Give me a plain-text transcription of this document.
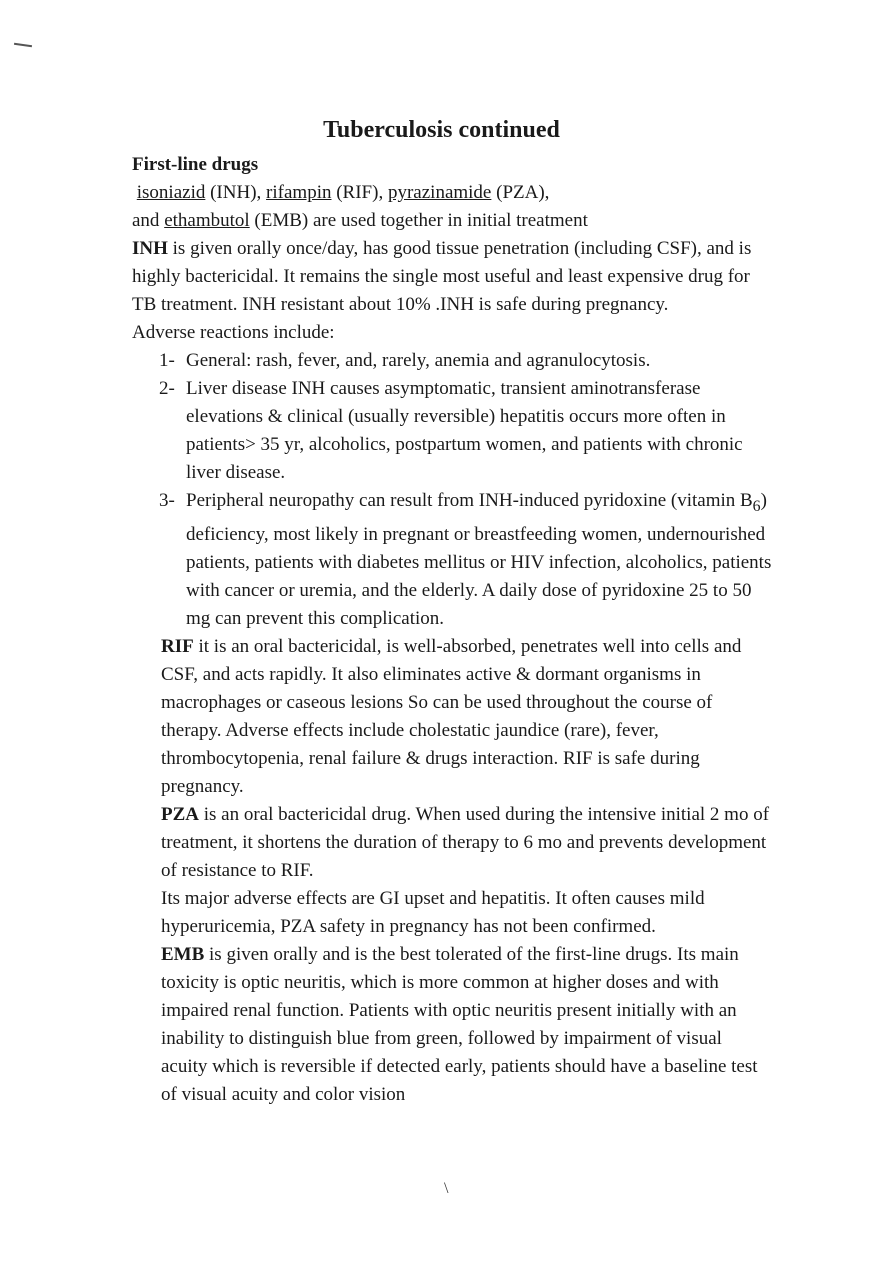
Tuberculosis continued

First-line drugs

isoniazid (INH), rifampin (RIF), pyrazinamide (PZA),

and ethambutol (EMB) are used together in initial treatment

INH is given orally once/day, has good tissue penetration (including CSF), and is highly bactericidal. It remains the single most useful and least expensive drug for TB treatment. INH resistant about 10% .INH is safe during pregnancy.

Adverse reactions include:

1- General: rash, fever, and, rarely, anemia and agranulocytosis.
2- Liver disease INH causes asymptomatic, transient aminotransferase elevations & clinical (usually reversible) hepatitis occurs more often in patients> 35 yr, alcoholics, postpartum women, and patients with chronic liver disease.
3- Peripheral neuropathy can result from INH-induced pyridoxine (vitamin $B_6$) deficiency, most likely in pregnant or breastfeeding women, undernourished patients, patients with diabetes mellitus or HIV infection, alcoholics, patients with cancer or uremia, and the elderly. A daily dose of pyridoxine 25 to 50 mg can prevent this complication.

RIF it is an oral bactericidal, is well-absorbed, penetrates well into cells and CSF, and acts rapidly. It also eliminates active & dormant organisms in macrophages or caseous lesions So can be used throughout the course of therapy. Adverse effects include cholestatic jaundice (rare), fever, thrombocytopenia, renal failure & drugs interaction. RIF is safe during pregnancy.

PZA is an oral bactericidal drug. When used during the intensive initial 2 mo of treatment, it shortens the duration of therapy to 6 mo and prevents development of resistance to RIF.

Its major adverse effects are GI upset and hepatitis. It often causes mild hyperuricemia, PZA safety in pregnancy has not been confirmed.

EMB is given orally and is the best tolerated of the first-line drugs. Its main toxicity is optic neuritis, which is more common at higher doses and with impaired renal function. Patients with optic neuritis present initially with an inability to distinguish blue from green, followed by impairment of visual acuity which is reversible if detected early, patients should have a baseline test of visual acuity and color vision

\
